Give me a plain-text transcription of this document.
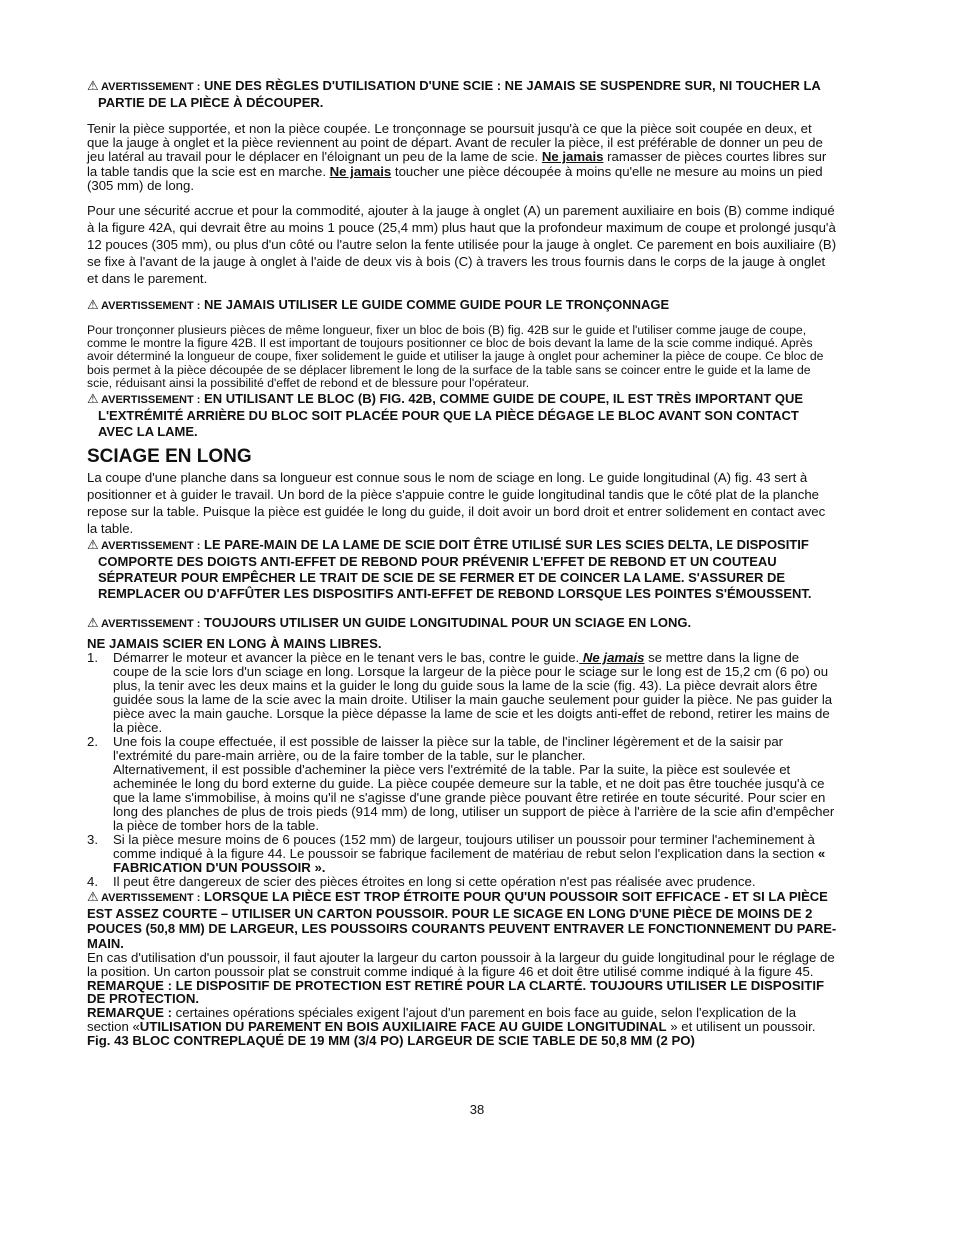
⚠ AVERTISSEMENT : UNE DES RÈGLES D'UTILISATION D'UNE SCIE : NE JAMAIS SE SUSPENDRE SUR, NI TOUCHER LA PARTIE DE LA PIÈCE À DÉCOUPER.

Tenir la pièce supportée, et non la pièce coupée. Le tronçonnage se poursuit jusqu'à ce que la pièce soit coupée en deux, et que la jauge à onglet et la pièce reviennent au point de départ. Avant de reculer la pièce, il est préférable de donner un peu de jeu latéral au travail pour le déplacer en l'éloignant un peu de la lame de scie. Ne jamais ramasser de pièces courtes libres sur la table tandis que la scie est en marche. Ne jamais toucher une pièce découpée à moins qu'elle ne mesure au moins un pied (305 mm) de long.

Pour une sécurité accrue et pour la commodité, ajouter à la jauge à onglet (A) un parement auxiliaire en bois (B) comme indiqué à la figure 42A, qui devrait être au moins 1 pouce (25,4 mm) plus haut que la profondeur maximum de coupe et prolongé jusqu'à 12 pouces (305 mm), ou plus d'un côté ou l'autre selon la fente utilisée pour la jauge à onglet. Ce parement en bois auxiliaire (B) se fixe à l'avant de la jauge à onglet à l'aide de deux vis à bois (C) à travers les trous fournis dans le corps de la jauge à onglet et dans le parement.

⚠ AVERTISSEMENT : NE JAMAIS UTILISER LE GUIDE COMME GUIDE POUR LE TRONÇONNAGE

Pour tronçonner plusieurs pièces de même longueur, fixer un bloc de bois (B) fig. 42B sur le guide et l'utiliser comme jauge de coupe, comme le montre la figure 42B. Il est important de toujours positionner ce bloc de bois devant la lame de la scie comme indiqué. Après avoir déterminé la longueur de coupe, fixer solidement le guide et utiliser la jauge à onglet pour acheminer la pièce de coupe. Ce bloc de bois permet à la pièce découpée de se déplacer librement le long de la surface de la table sans se coincer entre le guide et la lame de scie, réduisant ainsi la possibilité d'effet de rebond et de blessure pour l'opérateur.

⚠ AVERTISSEMENT : EN UTILISANT LE BLOC (B) FIG. 42B, COMME GUIDE DE COUPE, IL EST TRÈS IMPORTANT QUE L'EXTRÉMITÉ ARRIÈRE DU BLOC SOIT PLACÉE POUR QUE LA PIÈCE DÉGAGE LE BLOC AVANT SON CONTACT AVEC LA LAME.

SCIAGE EN LONG

La coupe d'une planche dans sa longueur est connue sous le nom de sciage en long. Le guide longitudinal (A) fig. 43 sert à positionner et à guider le travail. Un bord de la pièce s'appuie contre le guide longitudinal tandis que le côté plat de la planche repose sur la table. Puisque la pièce est guidée le long du guide, il doit avoir un bord droit et entrer solidement en contact avec la table.

⚠ AVERTISSEMENT : LE PARE-MAIN DE LA LAME DE SCIE DOIT ÊTRE UTILISÉ SUR LES SCIES DELTA, LE DISPOSITIF COMPORTE DES DOIGTS ANTI-EFFET DE REBOND POUR PRÉVENIR L'EFFET DE REBOND ET UN COUTEAU SÉPRATEUR POUR EMPÊCHER LE TRAIT DE SCIE DE SE FERMER ET DE COINCER LA LAME. S'ASSURER DE REMPLACER OU D'AFFÛTER LES DISPOSITIFS ANTI-EFFET DE REBOND LORSQUE LES POINTES S'ÉMOUSSENT.

⚠ AVERTISSEMENT : TOUJOURS UTILISER UN GUIDE LONGITUDINAL POUR UN SCIAGE EN LONG.

NE JAMAIS SCIER EN LONG À MAINS LIBRES.

1. Démarrer le moteur et avancer la pièce en le tenant vers le bas, contre le guide. Ne jamais se mettre dans la ligne de coupe de la scie lors d'un sciage en long. Lorsque la largeur de la pièce pour le sciage sur le long est de 15,2 cm (6 po) ou plus, la tenir avec les deux mains et la guider le long du guide sous la lame de la scie (fig. 43). La pièce devrait alors être guidée sous la lame de la scie avec la main droite. Utiliser la main gauche seulement pour guider la pièce. Ne pas guider la pièce avec la main gauche. Lorsque la pièce dépasse la lame de scie et les doigts anti-effet de rebond, retirer les mains de la pièce.
2. Une fois la coupe effectuée, il est possible de laisser la pièce sur la table, de l'incliner légèrement et de la saisir par l'extrémité du pare-main arrière, ou de la faire tomber de la table, sur le plancher.
Alternativement, il est possible d'acheminer la pièce vers l'extrémité de la table. Par la suite, la pièce est soulevée et acheminée le long du bord externe du guide. La pièce coupée demeure sur la table, et ne doit pas être touchée jusqu'à ce que la lame s'immobilise, à moins qu'il ne s'agisse d'une grande pièce pouvant être retirée en toute sécurité. Pour scier en long des planches de plus de trois pieds (914 mm) de long, utiliser un support de pièce à l'arrière de la scie afin d'empêcher la pièce de tomber hors de la table.
3. Si la pièce mesure moins de 6 pouces (152 mm) de largeur, toujours utiliser un poussoir pour terminer l'acheminement à comme indiqué à la figure 44. Le poussoir se fabrique facilement de matériau de rebut selon l'explication dans la section « FABRICATION D'UN POUSSOIR ».
4. Il peut être dangereux de scier des pièces étroites en long si cette opération n'est pas réalisée avec prudence.

⚠ AVERTISSEMENT : LORSQUE LA PIÈCE EST TROP ÉTROITE POUR QU'UN POUSSOIR SOIT EFFICACE - ET SI LA PIÈCE EST ASSEZ COURTE – UTILISER UN CARTON POUSSOIR. POUR LE SICAGE EN LONG D'UNE PIÈCE DE MOINS DE 2 POUCES (50,8 MM) DE LARGEUR, LES POUSSOIRS COURANTS PEUVENT ENTRAVER LE FONCTIONNEMENT DU PARE-MAIN.

En cas d'utilisation d'un poussoir, il faut ajouter la largeur du carton poussoir à la largeur du guide longitudinal pour le réglage de la position. Un carton poussoir plat se construit comme indiqué à la figure 46 et doit être utilisé comme indiqué à la figure 45. REMARQUE : LE DISPOSITIF DE PROTECTION EST RETIRÉ POUR LA CLARTÉ. TOUJOURS UTILISER LE DISPOSITIF DE PROTECTION.

REMARQUE : certaines opérations spéciales exigent l'ajout d'un parement en bois face au guide, selon l'explication de la section «UTILISATION DU PAREMENT EN BOIS AUXILIAIRE FACE AU GUIDE LONGITUDINAL » et utilisent un poussoir. Fig. 43 BLOC CONTREPLAQUÉ DE 19 MM (3/4 PO) LARGEUR DE SCIE TABLE DE 50,8 MM (2 PO)

38
